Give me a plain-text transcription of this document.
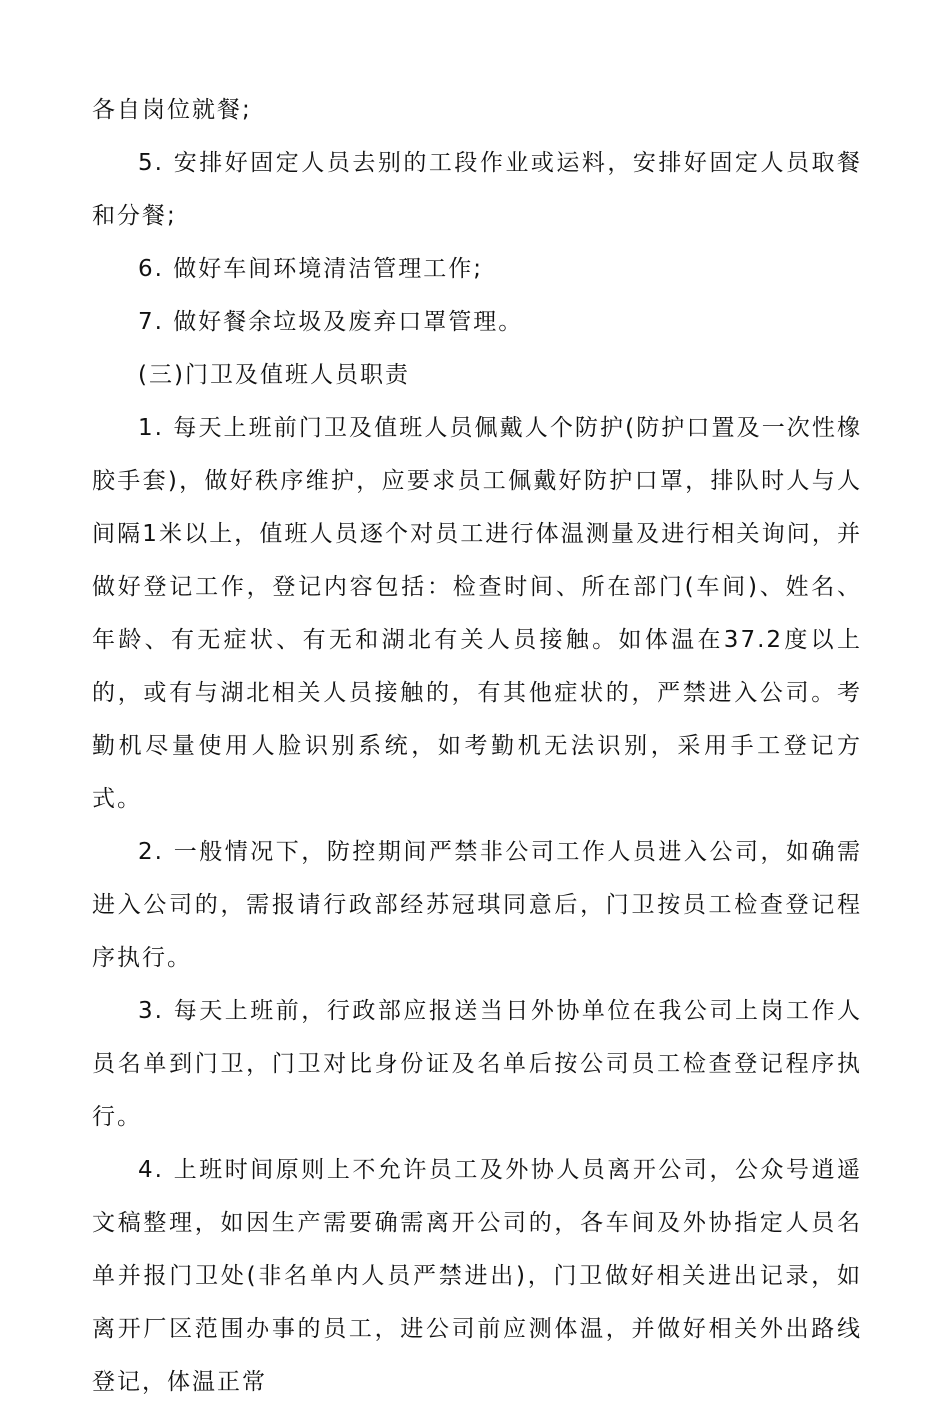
各自岗位就餐;

5. 安排好固定人员去别的工段作业或运料，安排好固定人员取餐和分餐;

6. 做好车间环境清洁管理工作;

7. 做好餐余垃圾及废弃口罩管理。

(三)门卫及值班人员职责

1. 每天上班前门卫及值班人员佩戴人个防护(防护口置及一次性橡胶手套)，做好秩序维护，应要求员工佩戴好防护口罩，排队时人与人间隔1米以上，值班人员逐个对员工进行体温测量及进行相关询问，并做好登记工作，登记内容包括：检查时间、所在部门(车间)、姓名、年龄、有无症状、有无和湖北有关人员接触。如体温在37.2度以上的，或有与湖北相关人员接触的，有其他症状的，严禁进入公司。考勤机尽量使用人脸识别系统，如考勤机无法识别，采用手工登记方式。

2. 一般情况下，防控期间严禁非公司工作人员进入公司，如确需进入公司的，需报请行政部经苏冠琪同意后，门卫按员工检查登记程序执行。

3. 每天上班前，行政部应报送当日外协单位在我公司上岗工作人员名单到门卫，门卫对比身份证及名单后按公司员工检查登记程序执行。

4. 上班时间原则上不允许员工及外协人员离开公司，公众号逍遥文稿整理，如因生产需要确需离开公司的，各车间及外协指定人员名单并报门卫处(非名单内人员严禁进出)，门卫做好相关进出记录，如离开厂区范围办事的员工，进公司前应测体温，并做好相关外出路线登记，体温正常
